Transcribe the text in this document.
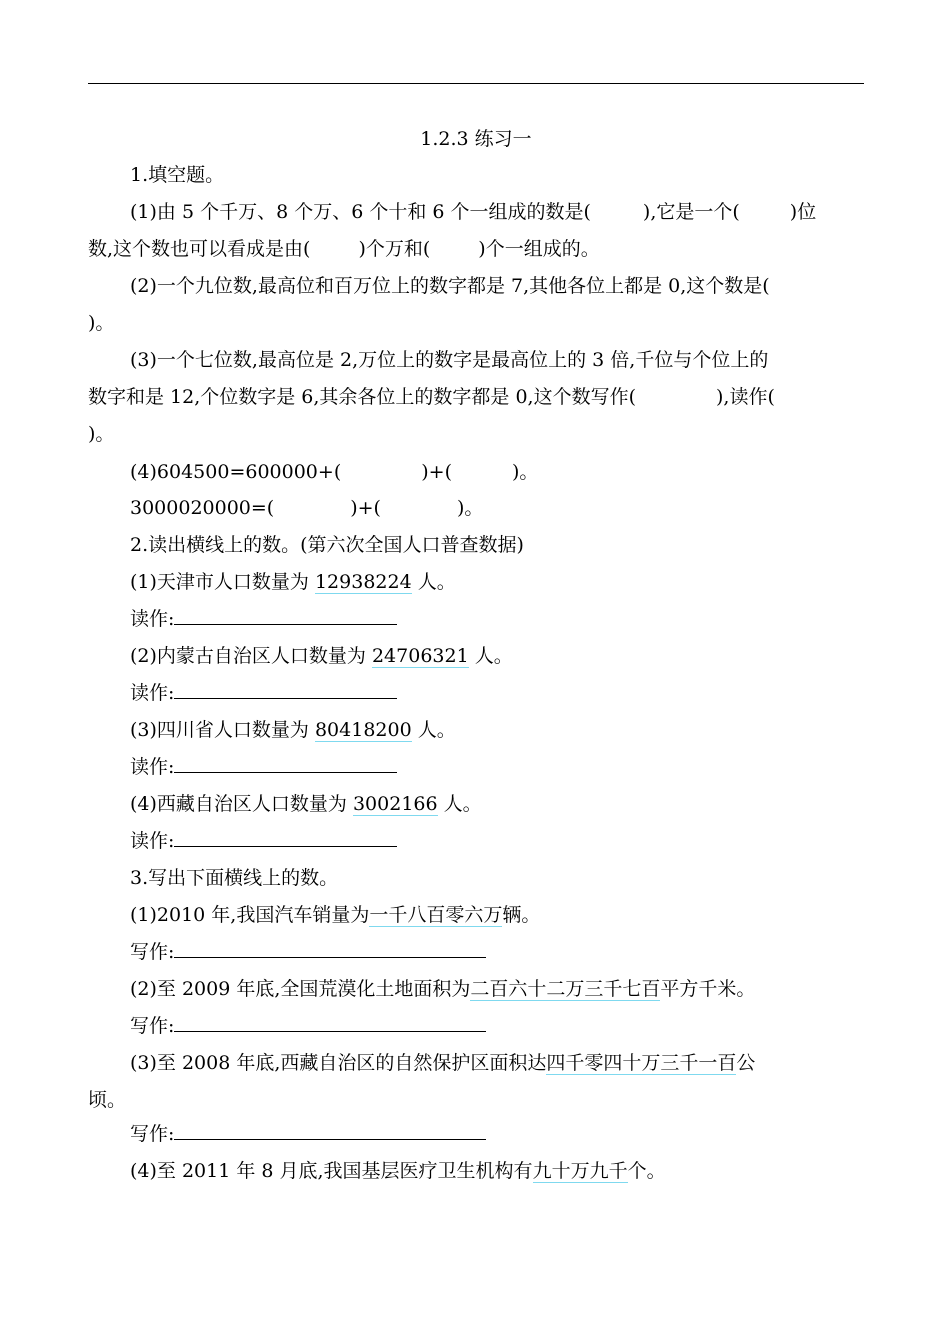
1.2.3 练习一
1.填空题。
(1)由 5 个千万、8 个万、6 个十和 6 个一组成的数是(	),它是一个(	)位
数,这个数也可以看成是由(	)个万和(	)个一组成的。
(2)一个九位数,最高位和百万位上的数字都是 7,其他各位上都是 0,这个数是(
)。
(3)一个七位数,最高位是 2,万位上的数字是最高位上的 3 倍,千位与个位上的
数字和是 12,个位数字是 6,其余各位上的数字都是 0,这个数写作(	),读作(
)。
(4)604500=600000+(	)+(	)。
3000020000=(	)+(	)。
2.读出横线上的数。(第六次全国人口普查数据)
(1)天津市人口数量为 12938224 人。
读作:
(2)内蒙古自治区人口数量为 24706321 人。
读作:
(3)四川省人口数量为 80418200 人。
读作:
(4)西藏自治区人口数量为 3002166 人。
读作:
3.写出下面横线上的数。
(1)2010 年,我国汽车销量为一千八百零六万辆。
写作:
(2)至 2009 年底,全国荒漠化土地面积为二百六十二万三千七百平方千米。
写作:
(3)至 2008 年底,西藏自治区的自然保护区面积达四千零四十万三千一百公
顷。
写作:
(4)至 2011 年 8 月底,我国基层医疗卫生机构有九十万九千个。
